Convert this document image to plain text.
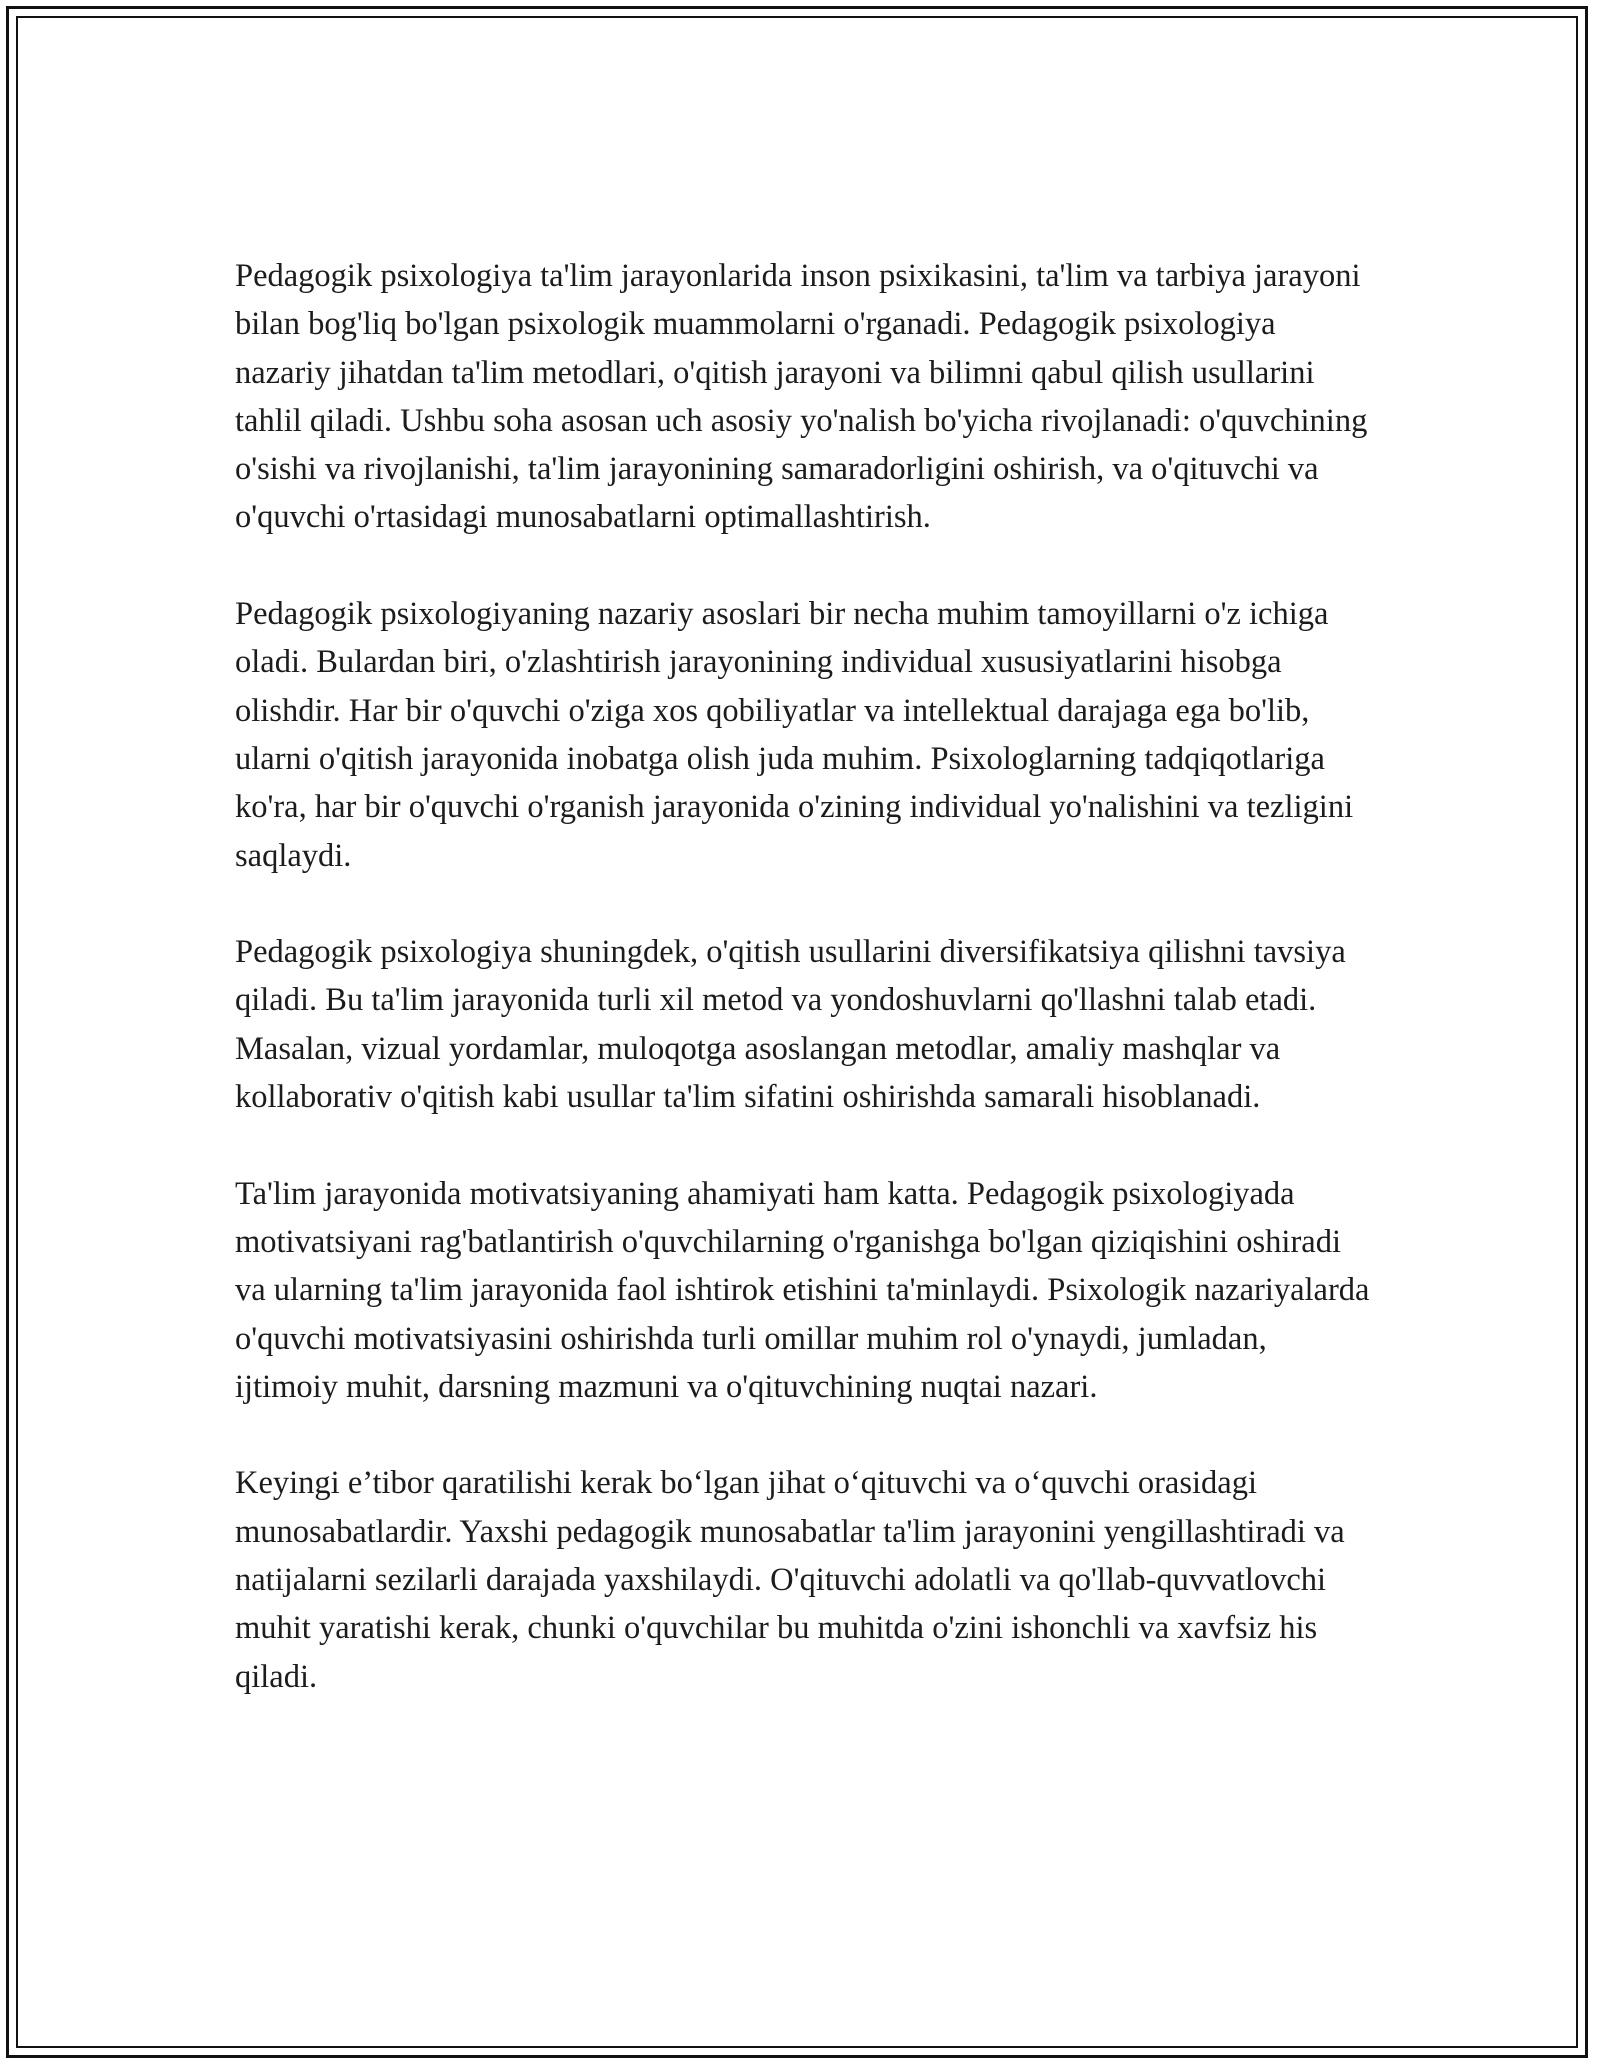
Pedagogik psixologiya ta'lim jarayonlarida inson psixikasini, ta'lim va tarbiya jarayoni bilan bog'liq bo'lgan psixologik muammolarni o'rganadi. Pedagogik psixologiya nazariy jihatdan ta'lim metodlari, o'qitish jarayoni va bilimni qabul qilish usullarini tahlil qiladi. Ushbu soha asosan uch asosiy yo'nalish bo'yicha rivojlanadi: o'quvchining o'sishi va rivojlanishi, ta'lim jarayonining samaradorligini oshirish, va o'qituvchi va o'quvchi o'rtasidagi munosabatlarni optimallashtirish.

Pedagogik psixologiyaning nazariy asoslari bir necha muhim tamoyillarni o'z ichiga oladi. Bulardan biri, o'zlashtirish jarayonining individual xususiyatlarini hisobga olishdir. Har bir o'quvchi o'ziga xos qobiliyatlar va intellektual darajaga ega bo'lib, ularni o'qitish jarayonida inobatga olish juda muhim. Psixologlarning tadqiqotlariga ko'ra, har bir o'quvchi o'rganish jarayonida o'zining individual yo'nalishini va tezligini saqlaydi.

Pedagogik psixologiya shuningdek, o'qitish usullarini diversifikatsiya qilishni tavsiya qiladi. Bu ta'lim jarayonida turli xil metod va yondoshuvlarni qo'llashni talab etadi. Masalan, vizual yordamlar, muloqotga asoslangan metodlar, amaliy mashqlar va kollaborativ o'qitish kabi usullar ta'lim sifatini oshirishda samarali hisoblanadi.

Ta'lim jarayonida motivatsiyaning ahamiyati ham katta. Pedagogik psixologiyada motivatsiyani rag'batlantirish o'quvchilarning o'rganishga bo'lgan qiziqishini oshiradi va ularning ta'lim jarayonida faol ishtirok etishini ta'minlaydi. Psixologik nazariyalarda o'quvchi motivatsiyasini oshirishda turli omillar muhim rol o'ynaydi, jumladan, ijtimoiy muhit, darsning mazmuni va o'qituvchining nuqtai nazari.

Keyingi e’tibor qaratilishi kerak bo‘lgan jihat o‘qituvchi va o‘quvchi orasidagi munosabatlardir. Yaxshi pedagogik munosabatlar ta'lim jarayonini yengillashtiradi va natijalarni sezilarli darajada yaxshilaydi. O'qituvchi adolatli va qo'llab-quvvatlovchi muhit yaratishi kerak, chunki o'quvchilar bu muhitda o'zini ishonchli va xavfsiz his qiladi.
